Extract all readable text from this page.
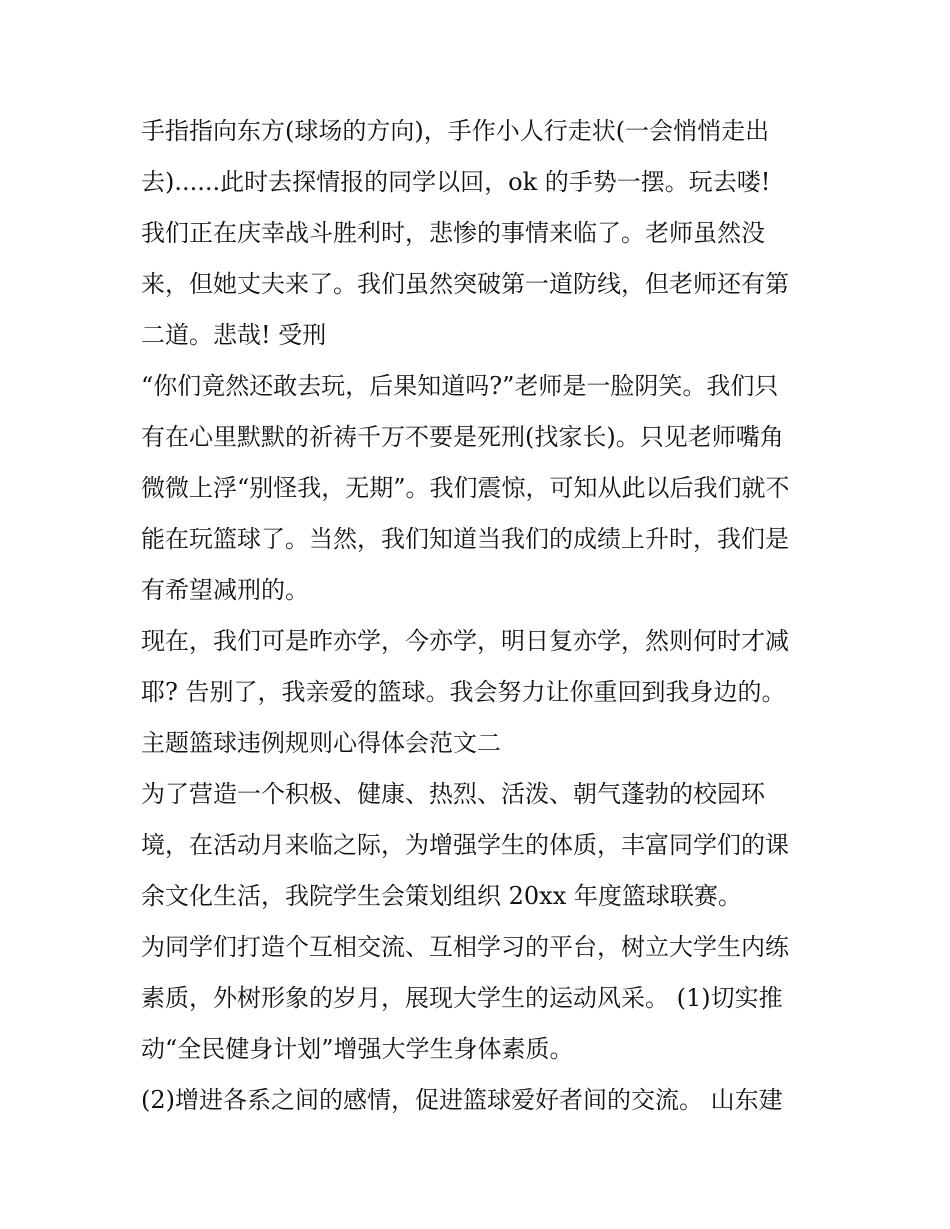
手指指向东方(球场的方向)，手作小人行走状(一会悄悄走出
去)......此时去探情报的同学以回，ok 的手势一摆。玩去喽!
我们正在庆幸战斗胜利时，悲惨的事情来临了。老师虽然没
来，但她丈夫来了。我们虽然突破第一道防线，但老师还有第
二道。悲哉! 受刑
“你们竟然还敢去玩，后果知道吗?”老师是一脸阴笑。我们只
有在心里默默的祈祷千万不要是死刑(找家长)。只见老师嘴角
微微上浮“别怪我，无期”。我们震惊，可知从此以后我们就不
能在玩篮球了。当然，我们知道当我们的成绩上升时，我们是
有希望减刑的。
现在，我们可是昨亦学，今亦学，明日复亦学，然则何时才减
耶? 告别了，我亲爱的篮球。我会努力让你重回到我身边的。
主题篮球违例规则心得体会范文二
为了营造一个积极、健康、热烈、活泼、朝气蓬勃的校园环
境，在活动月来临之际，为增强学生的体质，丰富同学们的课
余文化生活，我院学生会策划组织 20xx 年度篮球联赛。
为同学们打造个互相交流、互相学习的平台，树立大学生内练
素质，外树形象的岁月，展现大学生的运动风采。 (1)切实推
动“全民健身计划”增强大学生身体素质。
(2)增进各系之间的感情，促进篮球爱好者间的交流。 山东建
